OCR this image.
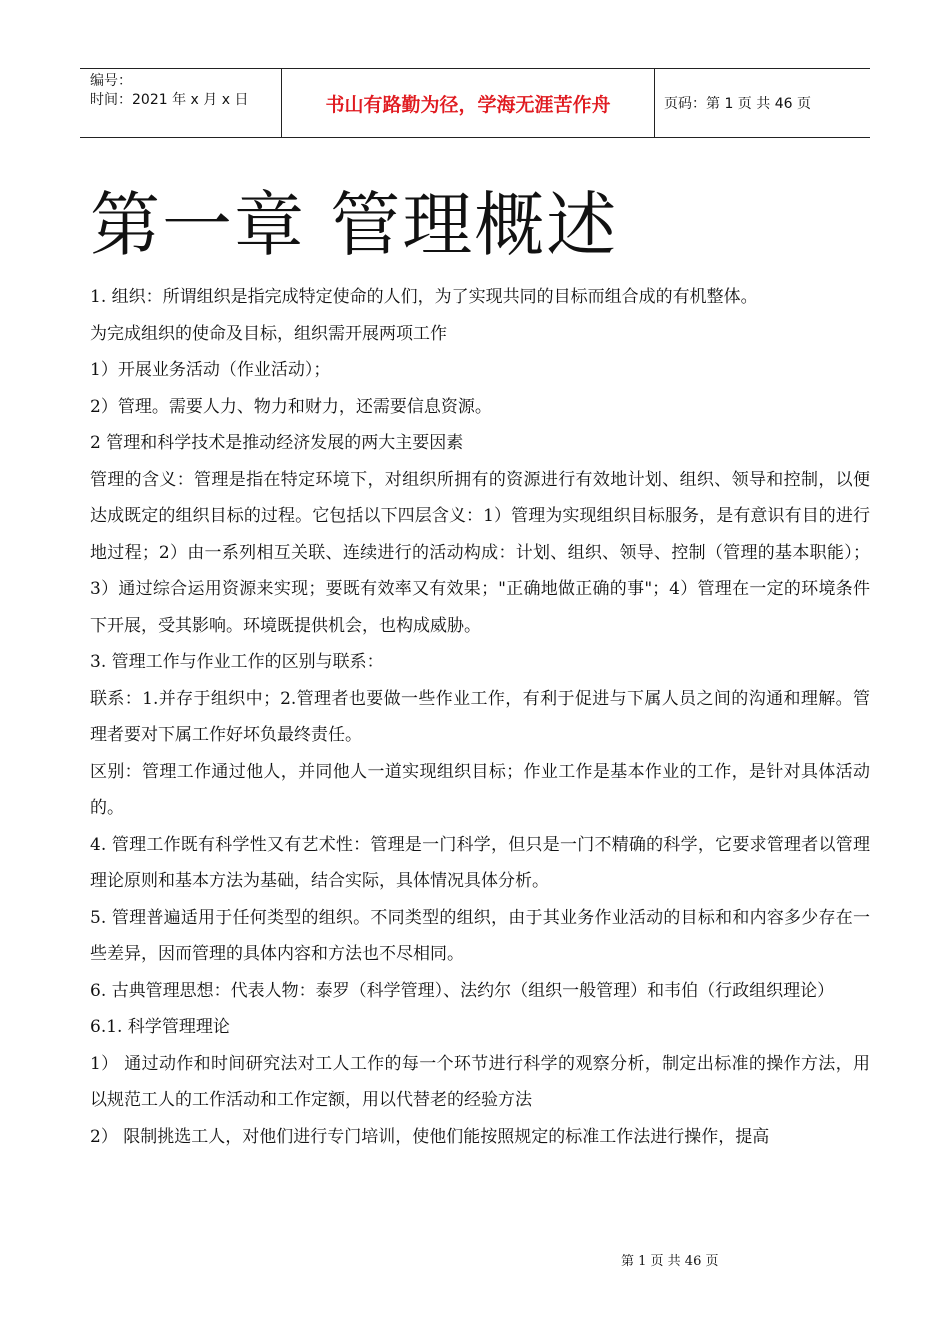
编号：
时间：2021 年 x 月 x 日	书山有路勤为径，学海无涯苦作舟	页码：第 1 页 共 46 页
第一章 管理概述

1. 组织：所谓组织是指完成特定使命的人们，为了实现共同的目标而组合成的有机整体。

为完成组织的使命及目标，组织需开展两项工作

1）开展业务活动（作业活动）；

2）管理。需要人力、物力和财力，还需要信息资源。

2 管理和科学技术是推动经济发展的两大主要因素

管理的含义：管理是指在特定环境下，对组织所拥有的资源进行有效地计划、组织、领导和控制，以便达成既定的组织目标的过程。它包括以下四层含义：1）管理为实现组织目标服务，是有意识有目的进行地过程；2）由一系列相互关联、连续进行的活动构成：计划、组织、领导、控制（管理的基本职能）；3）通过综合运用资源来实现；要既有效率又有效果；"正确地做正确的事"；4）管理在一定的环境条件下开展，受其影响。环境既提供机会，也构成威胁。

3. 管理工作与作业工作的区别与联系：

联系：1.并存于组织中；2.管理者也要做一些作业工作，有利于促进与下属人员之间的沟通和理解。管理者要对下属工作好坏负最终责任。

区别：管理工作通过他人，并同他人一道实现组织目标；作业工作是基本作业的工作，是针对具体活动的。

4. 管理工作既有科学性又有艺术性：管理是一门科学，但只是一门不精确的科学，它要求管理者以管理理论原则和基本方法为基础，结合实际，具体情况具体分析。

5. 管理普遍适用于任何类型的组织。不同类型的组织，由于其业务作业活动的目标和和内容多少存在一些差异，因而管理的具体内容和方法也不尽相同。

6. 古典管理思想：代表人物：泰罗（科学管理）、法约尔（组织一般管理）和韦伯（行政组织理论）

6.1. 科学管理理论

1） 通过动作和时间研究法对工人工作的每一个环节进行科学的观察分析，制定出标准的操作方法，用以规范工人的工作活动和工作定额，用以代替老的经验方法

2） 限制挑选工人，对他们进行专门培训，使他们能按照规定的标准工作法进行操作，提高

第 1 页 共 46 页
